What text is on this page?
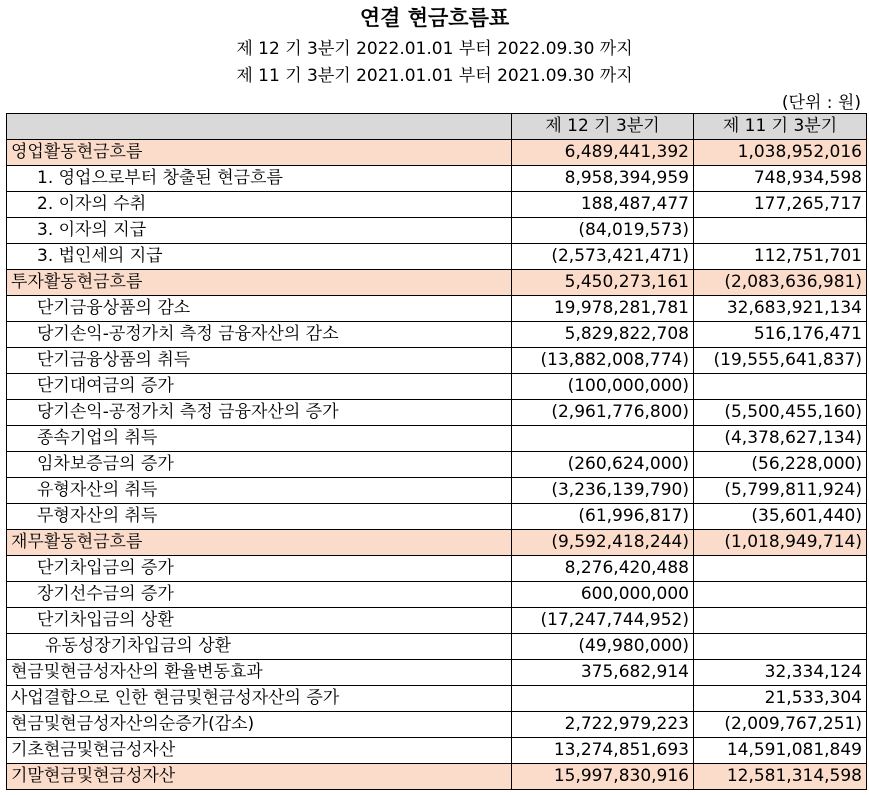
연결 현금흐름표
제 12 기 3분기 2022.01.01 부터 2022.09.30 까지
제 11 기 3분기 2021.01.01 부터 2021.09.30 까지
(단위 : 원)
	제 12 기 3분기	제 11 기 3분기
영업활동현금흐름	6,489,441,392	1,038,952,016
1. 영업으로부터 창출된 현금흐름	8,958,394,959	748,934,598
2. 이자의 수취	188,487,477	177,265,717
3. 이자의 지급	(84,019,573)	
3. 법인세의 지급	(2,573,421,471)	112,751,701
투자활동현금흐름	5,450,273,161	(2,083,636,981)
단기금융상품의 감소	19,978,281,781	32,683,921,134
당기손익-공정가치 측정 금융자산의 감소	5,829,822,708	516,176,471
단기금융상품의 취득	(13,882,008,774)	(19,555,641,837)
단기대여금의 증가	(100,000,000)	
당기손익-공정가치 측정 금융자산의 증가	(2,961,776,800)	(5,500,455,160)
종속기업의 취득		(4,378,627,134)
임차보증금의 증가	(260,624,000)	(56,228,000)
유형자산의 취득	(3,236,139,790)	(5,799,811,924)
무형자산의 취득	(61,996,817)	(35,601,440)
재무활동현금흐름	(9,592,418,244)	(1,018,949,714)
단기차입금의 증가	8,276,420,488	
장기선수금의 증가	600,000,000	
단기차입금의 상환	(17,247,744,952)	
유동성장기차입금의 상환	(49,980,000)	
현금및현금성자산의 환율변동효과	375,682,914	32,334,124
사업결합으로 인한 현금및현금성자산의 증가		21,533,304
현금및현금성자산의순증가(감소)	2,722,979,223	(2,009,767,251)
기초현금및현금성자산	13,274,851,693	14,591,081,849
기말현금및현금성자산	15,997,830,916	12,581,314,598
